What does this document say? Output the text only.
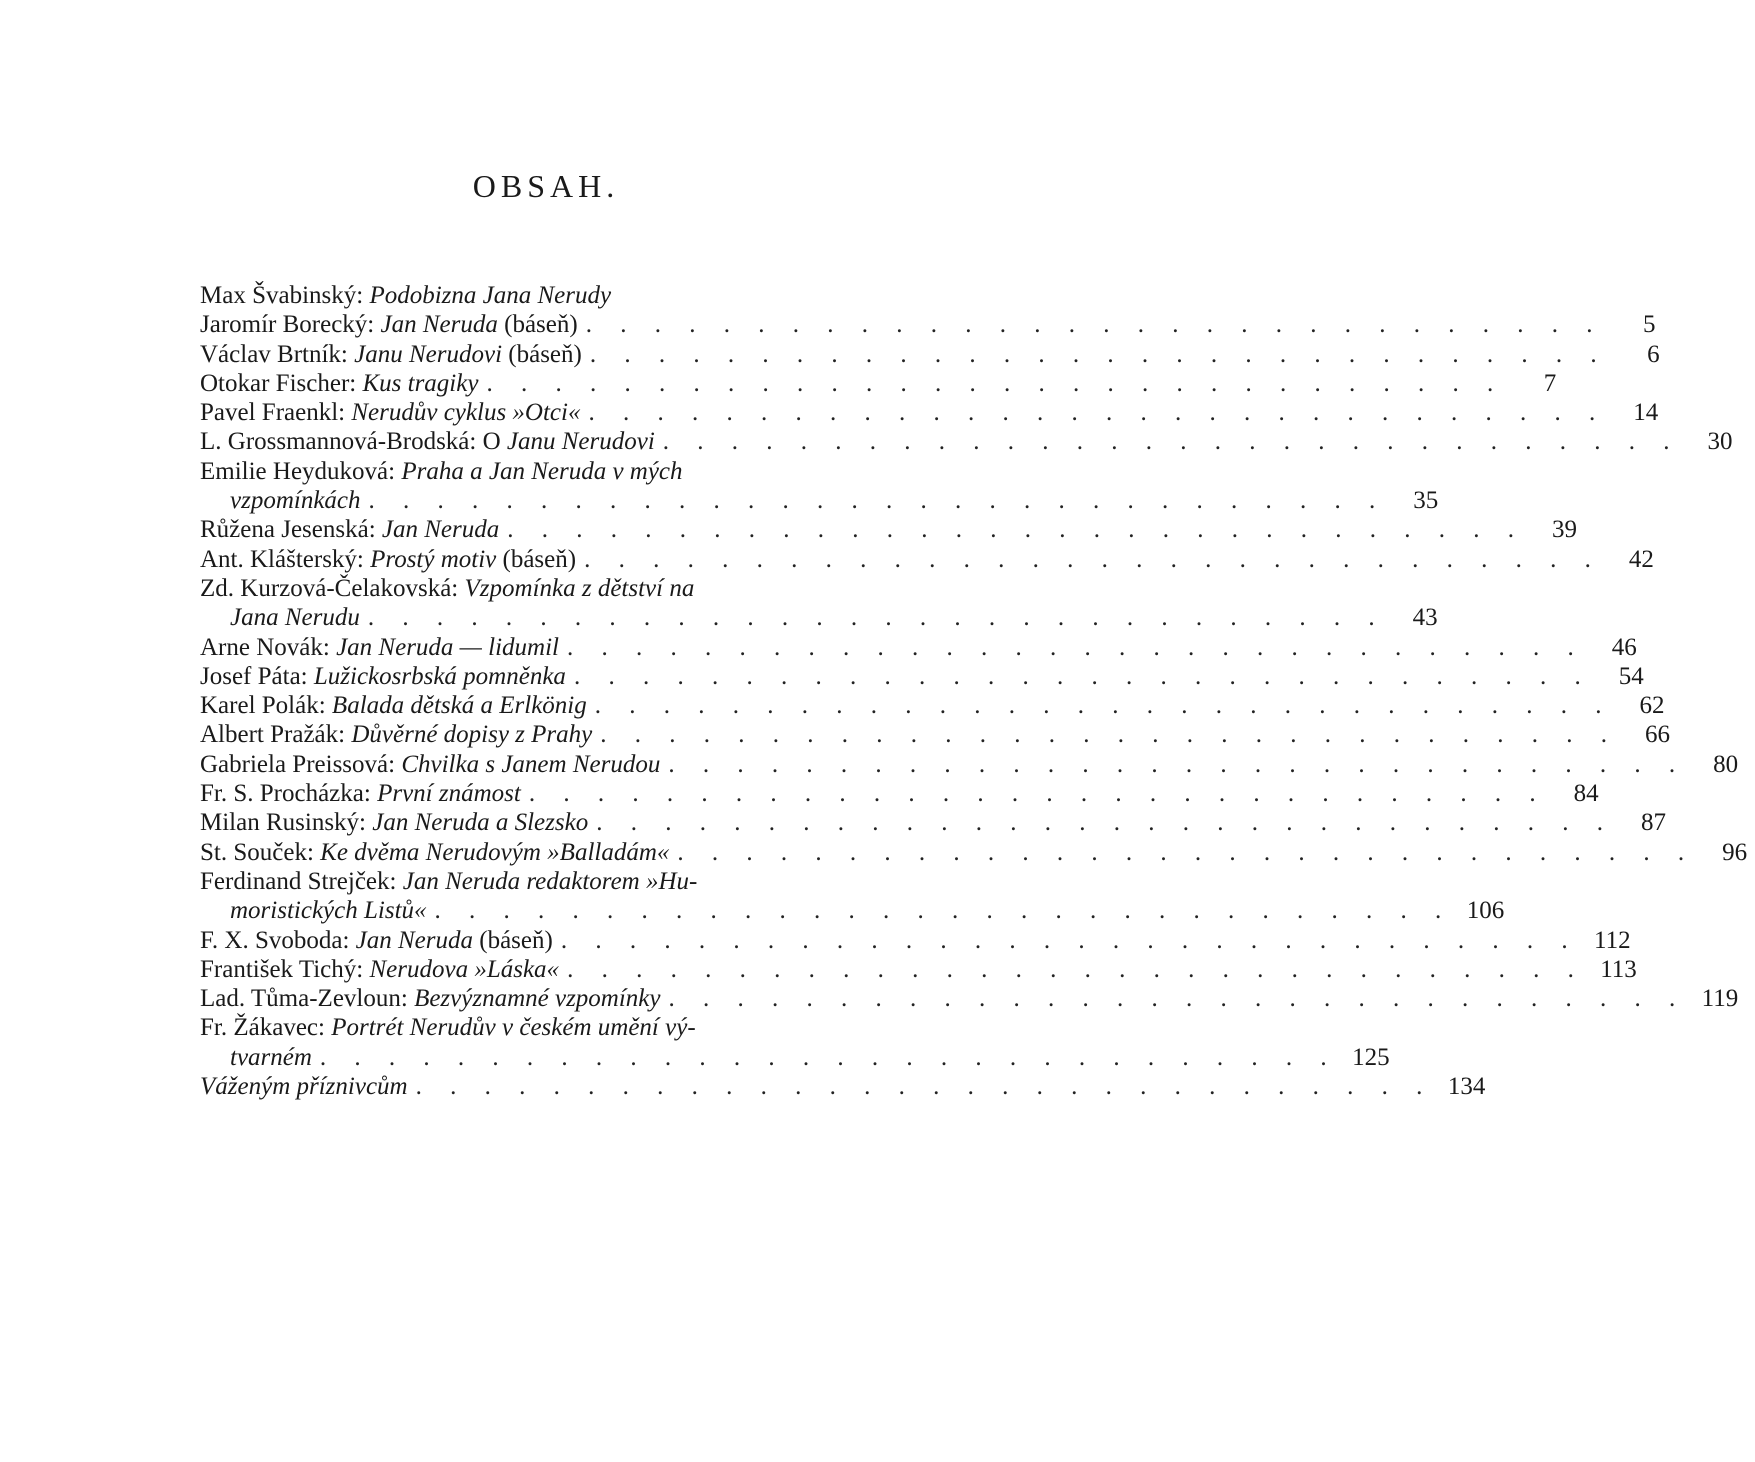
OBSAH.
Max Švabinský: Podobizna Jana Nerudy
Jaromír Borecký: Jan Neruda (báseň) . . . . . . . . . . . . . . . . . . . . . . . . . . . . . .	5
Václav Brtník: Janu Nerudovi (báseň) . . . . . . . . . . . . . . . . . . . . . . . . . . . . . .	6
Otokar Fischer: Kus tragiky . . . . . . . . . . . . . . . . . . . . . . . . . . . . . .	7
Pavel Fraenkl: Nerudův cyklus »Otci« . . . . . . . . . . . . . . . . . . . . . . . . . . . . . .	14
L. Grossmannová-Brodská: O Janu Nerudovi . . . . . . . . . . . . . . . . . . . . . . . . . . . . . .	30
Emilie Heyduková: Praha a Jan Neruda v mých
vzpomínkách . . . . . . . . . . . . . . . . . . . . . . . . . . . . . .	35
Růžena Jesenská: Jan Neruda . . . . . . . . . . . . . . . . . . . . . . . . . . . . . .	39
Ant. Klášterský: Prostý motiv (báseň) . . . . . . . . . . . . . . . . . . . . . . . . . . . . . .	42
Zd. Kurzová-Čelakovská: Vzpomínka z dětství na
Jana Nerudu . . . . . . . . . . . . . . . . . . . . . . . . . . . . . .	43
Arne Novák: Jan Neruda — lidumil . . . . . . . . . . . . . . . . . . . . . . . . . . . . . .	46
Josef Páta: Lužickosrbská pomněnka . . . . . . . . . . . . . . . . . . . . . . . . . . . . . .	54
Karel Polák: Balada dětská a Erlkönig . . . . . . . . . . . . . . . . . . . . . . . . . . . . . .	62
Albert Pražák: Důvěrné dopisy z Prahy . . . . . . . . . . . . . . . . . . . . . . . . . . . . . .	66
Gabriela Preissová: Chvilka s Janem Nerudou . . . . . . . . . . . . . . . . . . . . . . . . . . . . . .	80
Fr. S. Procházka: První známost . . . . . . . . . . . . . . . . . . . . . . . . . . . . . .	84
Milan Rusinský: Jan Neruda a Slezsko . . . . . . . . . . . . . . . . . . . . . . . . . . . . . .	87
St. Souček: Ke dvěma Nerudovým »Balladám« . . . . . . . . . . . . . . . . . . . . . . . . . . . . . .	96
Ferdinand Strejček: Jan Neruda redaktorem »Hu-
moristických Listů« . . . . . . . . . . . . . . . . . . . . . . . . . . . . . . 106
F. X. Svoboda: Jan Neruda (báseň) . . . . . . . . . . . . . . . . . . . . . . . . . . . . . . 112
František Tichý: Nerudova »Láska« . . . . . . . . . . . . . . . . . . . . . . . . . . . . . . 113
Lad. Tůma-Zevloun: Bezvýznamné vzpomínky . . . . . . . . . . . . . . . . . . . . . . . . . . . . . . 119
Fr. Žákavec: Portrét Nerudův v českém umění vý-
tvarném . . . . . . . . . . . . . . . . . . . . . . . . . . . . . . 125
Váženým příznivcům . . . . . . . . . . . . . . . . . . . . . . . . . . . . . . 134
